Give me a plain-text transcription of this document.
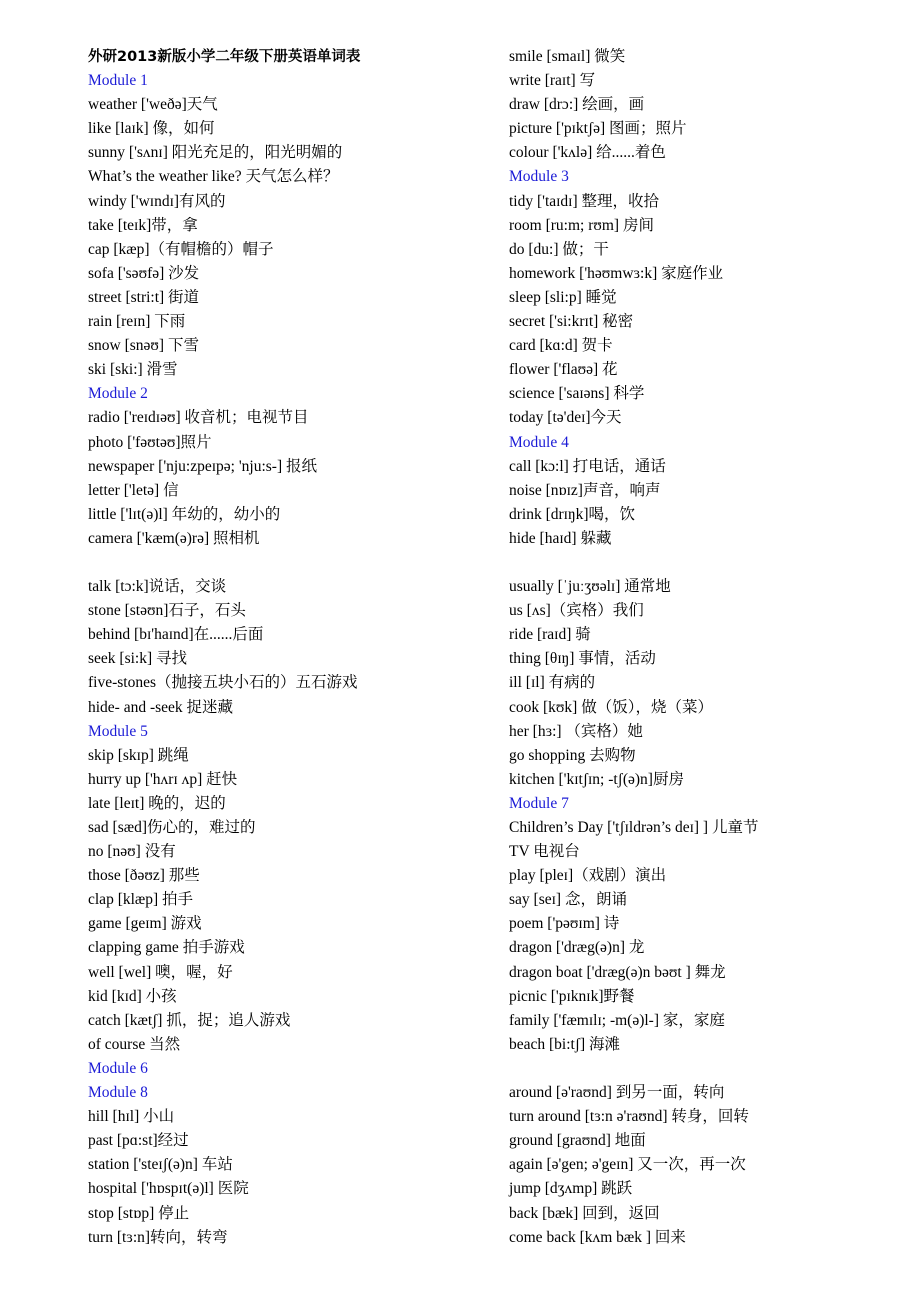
外研2013新版小学二年级下册英语单词表
Module 1
weather ['weðə]天气
like [laɪk] 像，如何
sunny ['sʌnɪ] 阳光充足的，阳光明媚的
What’s the weather like? 天气怎么样？
windy ['wɪndɪ]有风的
take [teɪk]带，拿
cap [kæp]（有帽檐的）帽子
sofa ['səʊfə] 沙发
street [stri:t] 街道
rain [reɪn] 下雨
snow [snəʊ] 下雪
ski [ski:] 滑雪
Module 2
radio ['reɪdɪəʊ] 收音机；电视节目
photo ['fəʊtəʊ]照片
newspaper ['nju:zpeɪpə; 'nju:s-] 报纸
letter ['letə] 信
little ['lɪt(ə)l] 年幼的，幼小的
camera ['kæm(ə)rə] 照相机
talk [tɔ:k]说话，交谈
stone [stəʊn]石子，石头
behind [bɪ'haɪnd]在......后面
seek [si:k] 寻找
five-stones（抛接五块小石的）五石游戏
hide- and -seek 捉迷藏
Module 5
skip [skɪp] 跳绳
hurry up ['hʌrɪ ʌp] 赶快
late [leɪt] 晚的，迟的
sad [sæd]伤心的，难过的
no [nəʊ] 没有
those [ðəʊz] 那些
clap [klæp] 拍手
game [geɪm] 游戏
clapping game 拍手游戏
well [wel] 噢，喔，好
kid [kɪd] 小孩
catch [kætʃ] 抓，捉；追人游戏
of course 当然
Module 6
Module 8
hill [hɪl] 小山
past [pɑ:st]经过
station ['steɪʃ(ə)n] 车站
hospital ['hɒspɪt(ə)l] 医院
stop [stɒp] 停止
turn [tɜ:n]转向，转弯
smile [smaɪl] 微笑
write [raɪt] 写
draw [drɔ:] 绘画，画
picture ['pɪktʃə] 图画；照片
colour ['kʌlə] 给......着色
Module 3
tidy ['taɪdɪ] 整理，收拾
room [ru:m; rʊm] 房间
do [du:] 做；干
homework ['həʊmwɜ:k] 家庭作业
sleep [sli:p] 睡觉
secret ['si:krɪt] 秘密
card [kɑ:d] 贺卡
flower ['flaʊə] 花
science ['saɪəns] 科学
today [tə'deɪ]今天
Module 4
call [kɔ:l] 打电话，通话
noise [nɒɪz]声音，响声
drink [drɪŋk]喝，饮
hide [haɪd] 躲藏
usually [ˈjuːʒʊəlɪ] 通常地
us [ʌs]（宾格）我们
ride [raɪd] 骑
thing [θɪŋ] 事情，活动
ill [ɪl] 有病的
cook [kʊk] 做（饭），烧（菜）
her [hɜ:] （宾格）她
go shopping 去购物
kitchen ['kɪtʃɪn; -tʃ(ə)n]厨房
Module 7
Children’s Day ['tʃɪldrən’s deɪ] ] 儿童节
TV 电视台
play [pleɪ]（戏剧）演出
say [seɪ] 念，朗诵
poem ['pəʊɪm] 诗
dragon ['dræg(ə)n] 龙
dragon boat ['dræg(ə)n bəʊt ] 舞龙
picnic ['pɪknɪk]野餐
family ['fæmɪlɪ; -m(ə)l-] 家，家庭
beach [bi:tʃ] 海滩
around [ə'raʊnd] 到另一面，转向
turn around [tɜ:n ə'raʊnd] 转身，回转
ground [graʊnd] 地面
again [ə'gen; ə'geɪn] 又一次，再一次
jump [dʒʌmp] 跳跃
back [bæk] 回到，返回
come back [kʌm bæk ] 回来
